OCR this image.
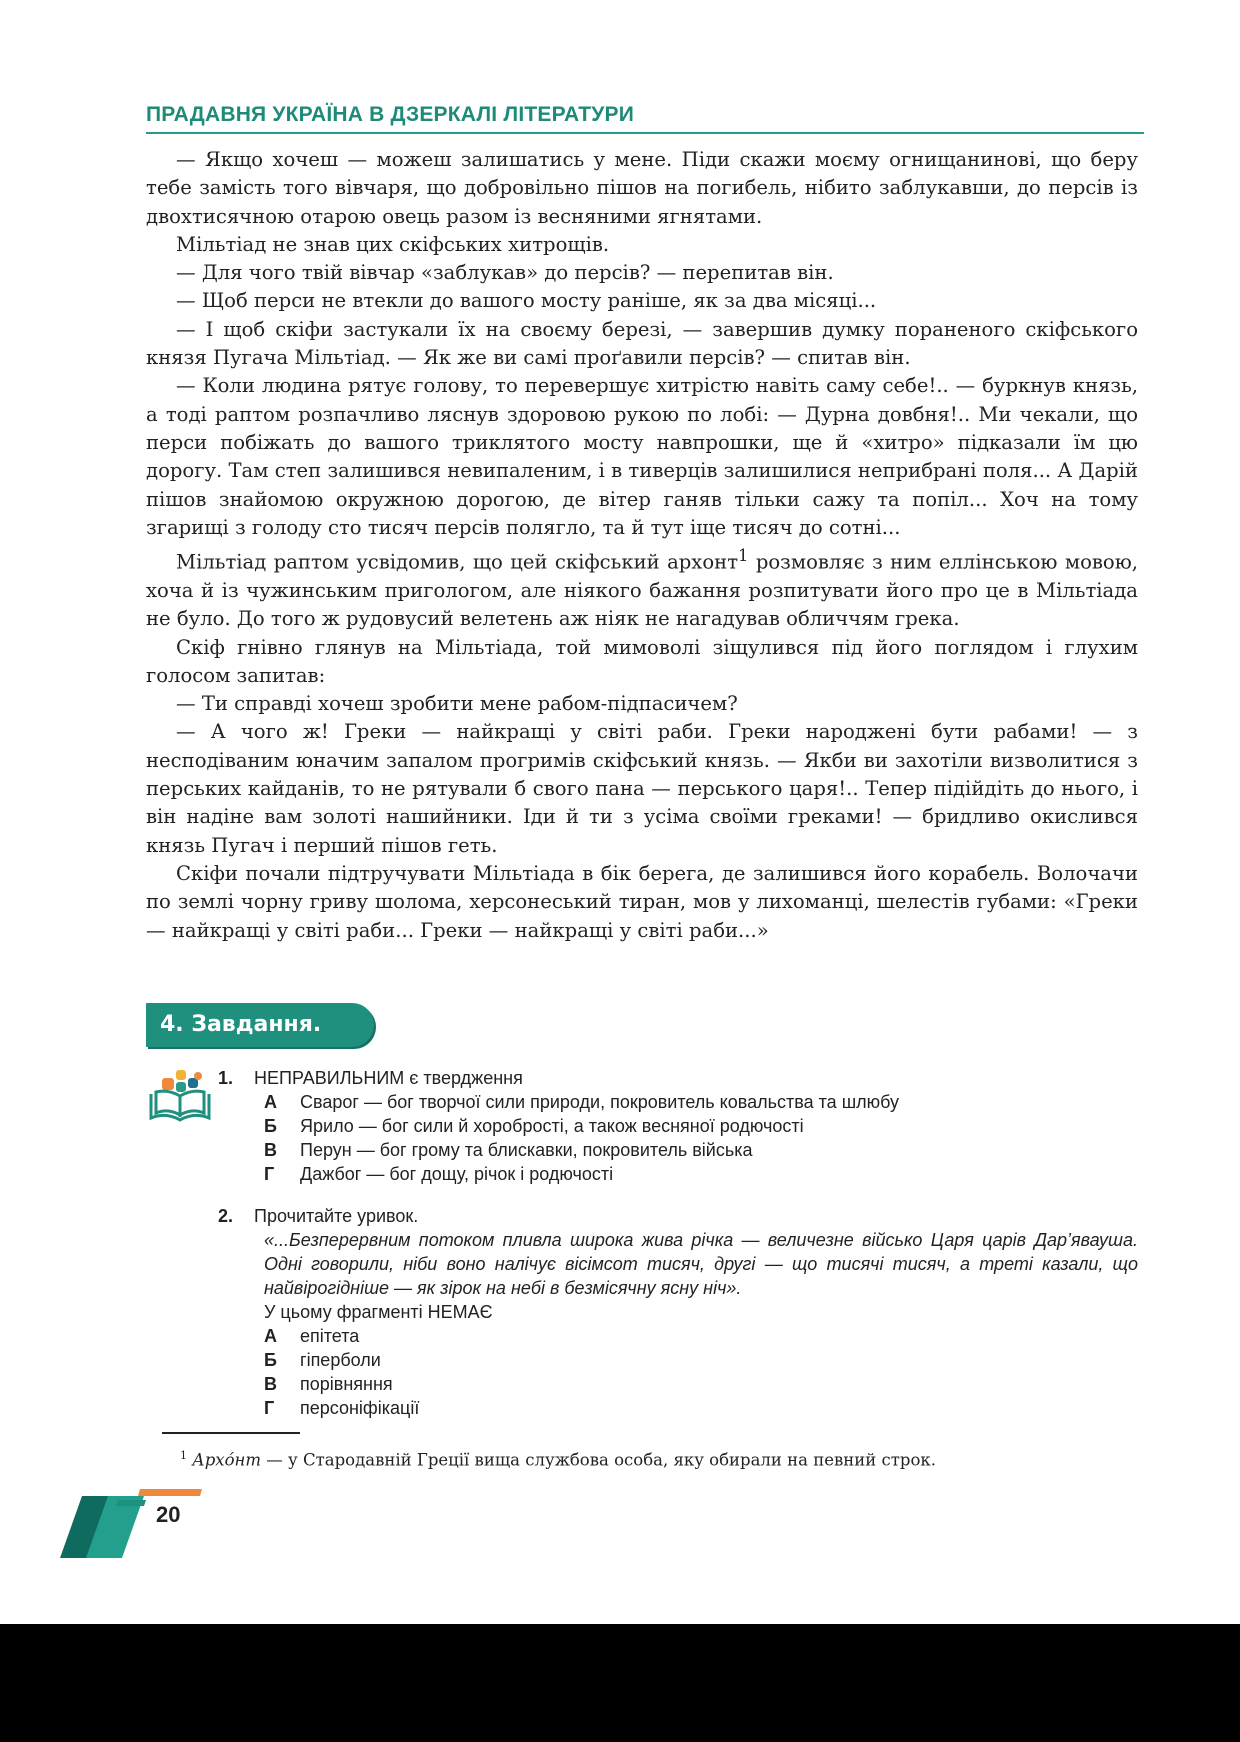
ПРАДАВНЯ УКРАЇНА В ДЗЕРКАЛІ ЛІТЕРАТУРИ

— Якщо хочеш — можеш залишатись у мене. Піди скажи моєму огнищанинові, що беру тебе замість того вівчаря, що добровільно пішов на погибель, нібито заблукавши, до персів із двохтисячною отарою овець разом із весняними ягнятами.

Мільтіад не знав цих скіфських хитрощів.

— Для чого твій вівчар «заблукав» до персів? — перепитав він.

— Щоб перси не втекли до вашого мосту раніше, як за два місяці...

— І щоб скіфи застукали їх на своєму березі, — завершив думку пораненого скіфського князя Пугача Мільтіад. — Як же ви самі проґавили персів? — спитав він.

— Коли людина рятує голову, то перевершує хитрістю навіть саму себе!.. — буркнув князь, а тоді раптом розпачливо ляснув здоровою рукою по лобі: — Дурна довбня!.. Ми чекали, що перси побіжать до вашого триклятого мосту навпрошки, ще й «хитро» підказали їм цю дорогу. Там степ залишився невипаленим, і в тиверців залишилися неприбрані поля... А Дарій пішов знайомою окружною дорогою, де вітер ганяв тільки сажу та попіл... Хоч на тому згарищі з голоду сто тисяч персів полягло, та й тут іще тисяч до сотні...

Мільтіад раптом усвідомив, що цей скіфський архонт$^1$ розмовляє з ним еллінською мовою, хоча й із чужинським пригологом, але ніякого бажання розпитувати його про це в Мільтіада не було. До того ж рудовусий велетень аж ніяк не нагадував обличчям грека.

Скіф гнівно глянув на Мільтіада, той мимоволі зіщулився під його поглядом і глухим голосом запитав:

— Ти справді хочеш зробити мене рабом-підпасичем?

— А чого ж! Греки — найкращі у світі раби. Греки народжені бути рабами! — з несподіваним юначим запалом прогримів скіфський князь. — Якби ви захотіли визволитися з перських кайданів, то не рятували б свого пана — перського царя!.. Тепер підійдіть до нього, і він надіне вам золоті нашийники. Іди й ти з усіма своїми греками! — бридливо окислився князь Пугач і перший пішов геть.

Скіфи почали підтручувати Мільтіада в бік берега, де залишився його корабель. Волочачи по землі чорну гриву шолома, херсонеський тиран, мов у лихоманці, шелестів губами: «Греки — найкращі у світі раби... Греки — найкращі у світі раби...»

4. Завдання.
1. НЕПРАВИЛЬНИМ є твердження
А	Сварог — бог творчої сили природи, покровитель ковальства та шлюбу
Б	Ярило — бог сили й хоробрості, а також весняної родючості
В	Перун — бог грому та блискавки, покровитель війська
Г	Дажбог — бог дощу, річок і родючості
2. Прочитайте уривок.
«...Безперервним потоком пливла широка жива річка — величезне військо Царя царів Дар’явауша. Одні говорили, ніби воно налічує вісімсот тисяч, другі — що тисячі тисяч, а треті казали, що найвірогідніше — як зірок на небі в безмісячну ясну ніч».
У цьому фрагменті НЕМАЄ
А	епітета
Б	гіперболи
В	порівняння
Г	персоніфікації
$^1$ Архо́нт — у Стародавній Греції вища службова особа, яку обирали на певний строк.
20
